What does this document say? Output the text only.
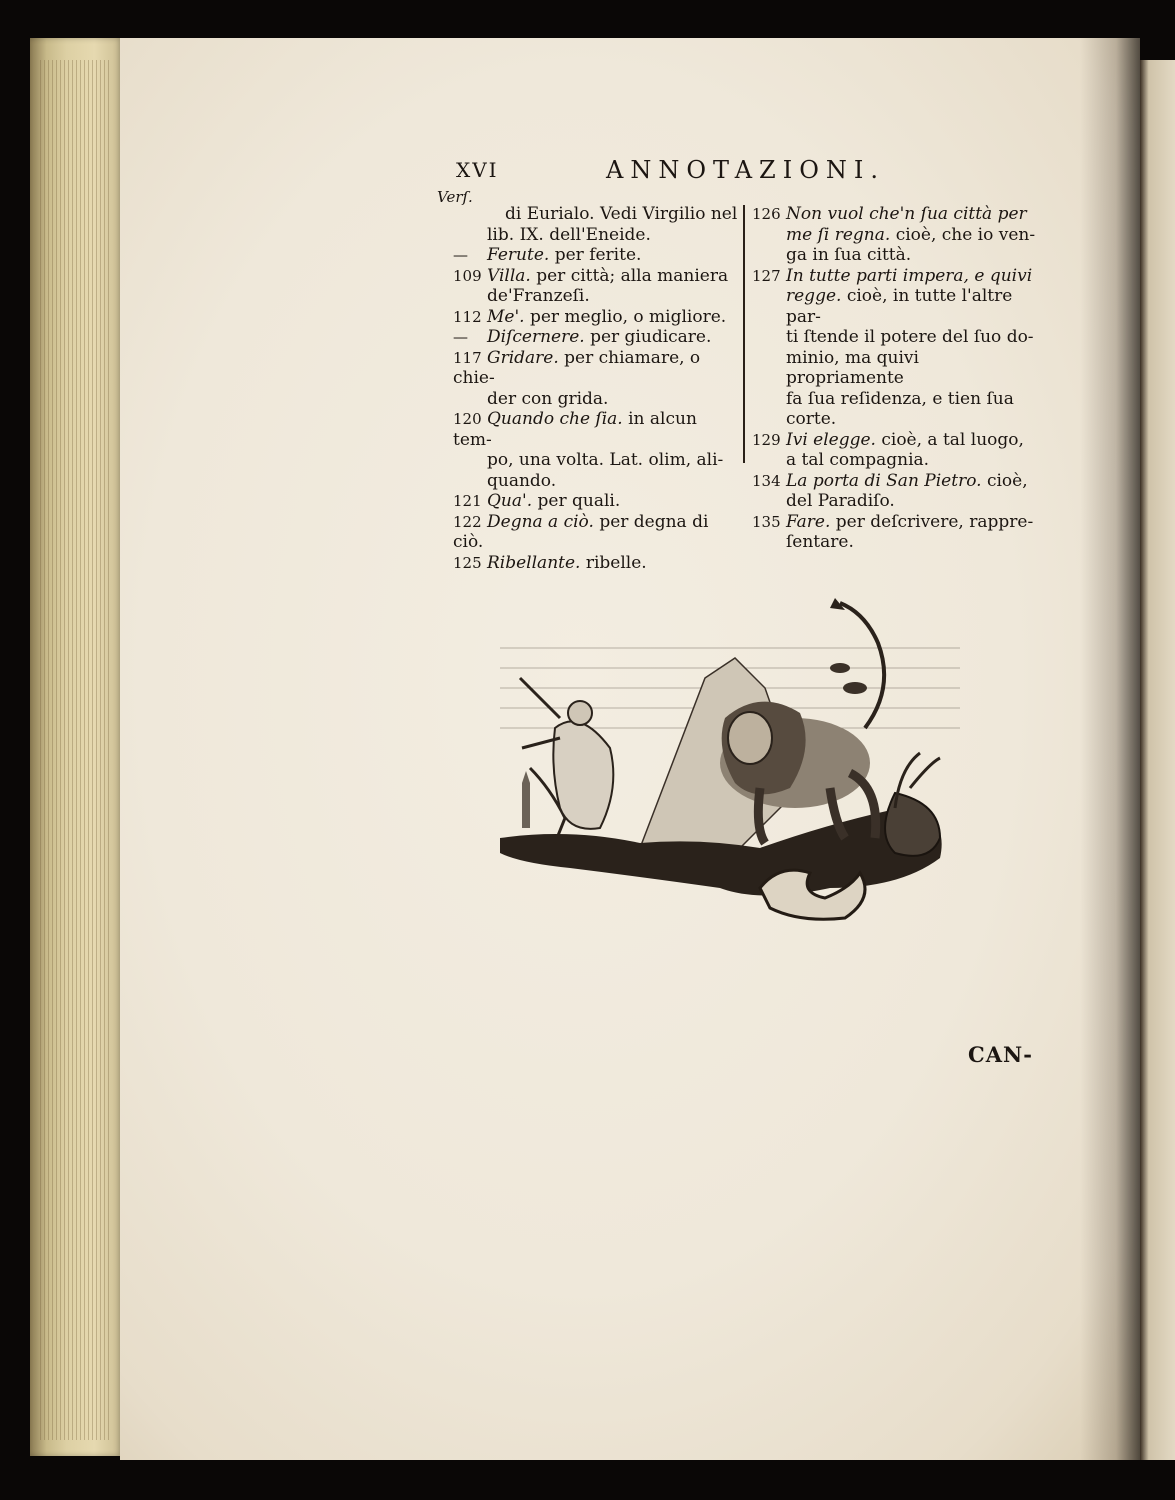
XVI	ANNOTAZIONI.
Verſ.
di Eurialo. Vedi Virgilio nel
lib. IX. dell'Eneide.
— Ferute. per ferite.
109 Villa. per città; alla maniera
de'Franzeſi.
112 Me'. per meglio, o migliore.
— Diſcernere. per giudicare.
117 Gridare. per chiamare, o chie-
der con grida.
120 Quando che ſia. in alcun tem-
po, una volta. Lat. olim, ali-
quando.
121 Qua'. per quali.
122 Degna a ciò. per degna di ciò.
125 Ribellante. ribelle.
126 Non vuol che'n ſua città per
me ſi regna. cioè, che io ven-
ga in ſua città.
127 In tutte parti impera, e quivi
regge. cioè, in tutte l'altre par-
ti ſtende il potere del ſuo do-
minio, ma quivi propriamente
fa ſua reſidenza, e tien ſua
corte.
129 Ivi elegge. cioè, a tal luogo,
a tal compagnia.
134 La porta di San Pietro. cioè,
del Paradiſo.
135 Fare. per deſcrivere, rappre-
ſentare.
CAN-
